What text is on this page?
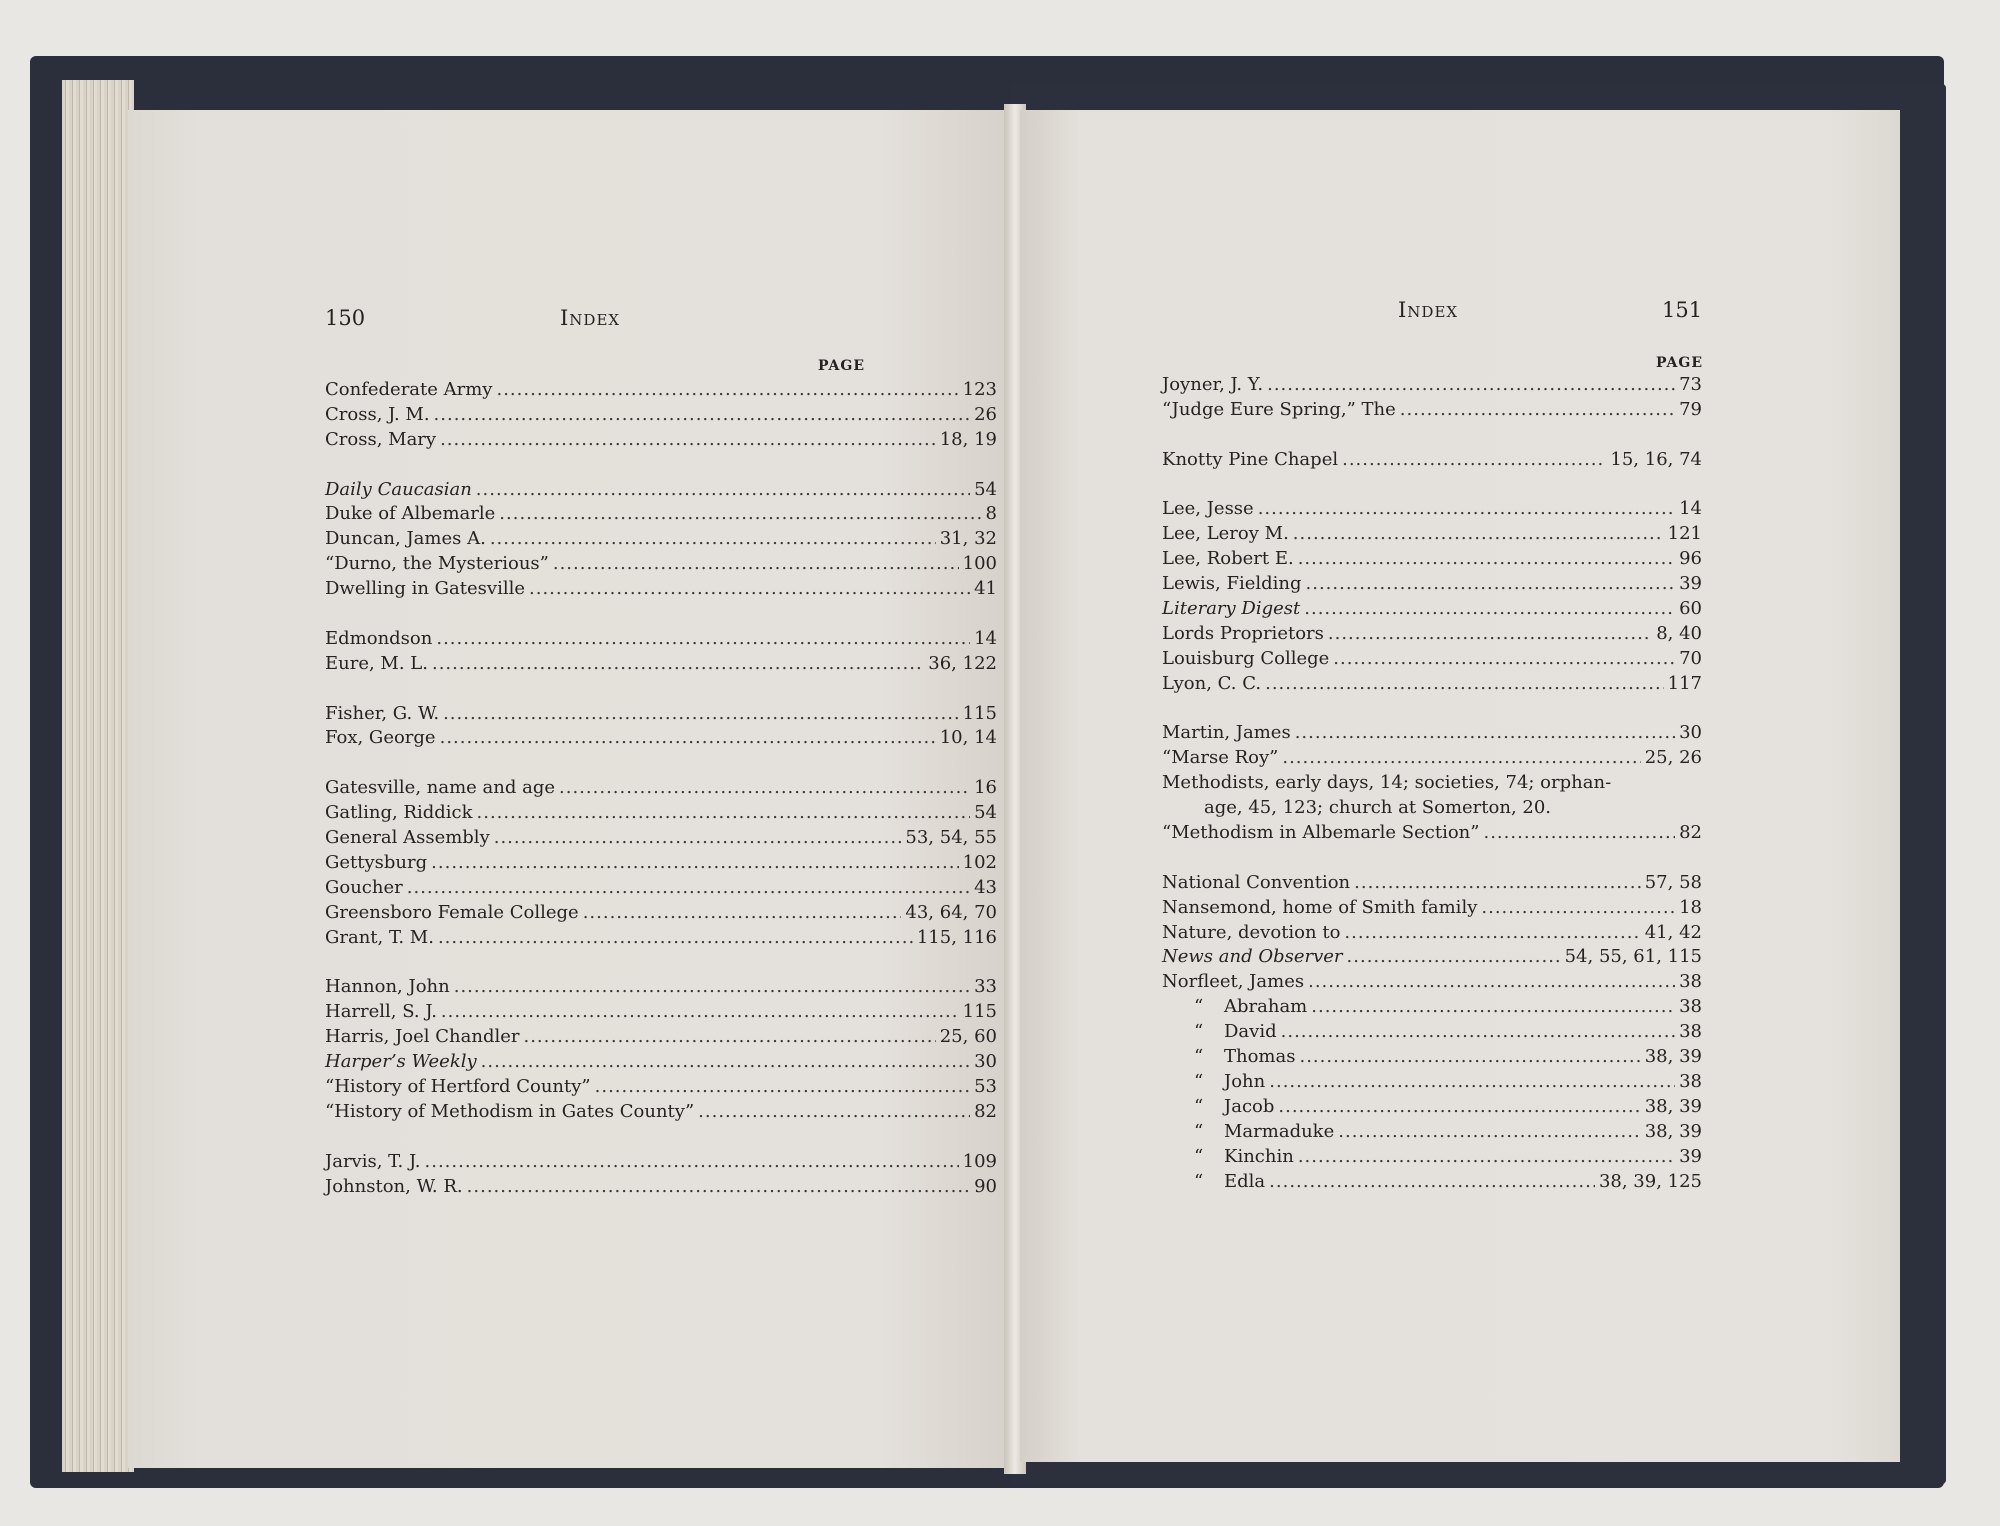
150	Index
PAGE
Confederate Army .....	123
Cross, J. M. .....	26
Cross, Mary .....	18, 19
Daily Caucasian .....	54
Duke of Albemarle .....	8
Duncan, James A. .....	31, 32
“Durno, the Mysterious” .....	100
Dwelling in Gatesville .....	41
Edmondson .....	14
Eure, M. L. .....	36, 122
Fisher, G. W. .....	115
Fox, George .....	10, 14
Gatesville, name and age .....	16
Gatling, Riddick .....	54
General Assembly .....	53, 54, 55
Gettysburg .....	102
Goucher .....	43
Greensboro Female College .....	43, 64, 70
Grant, T. M. .....	115, 116
Hannon, John .....	33
Harrell, S. J. .....	115
Harris, Joel Chandler .....	25, 60
Harper’s Weekly .....	30
“History of Hertford County” .....	53
“History of Methodism in Gates County” .....	82
Jarvis, T. J. .....	109
Johnston, W. R. .....	90
Index	151
PAGE
Joyner, J. Y. .....	73
“Judge Eure Spring,” The .....	79
Knotty Pine Chapel .....	15, 16, 74
Lee, Jesse .....	14
Lee, Leroy M. .....	121
Lee, Robert E. .....	96
Lewis, Fielding .....	39
Literary Digest .....	60
Lords Proprietors .....	8, 40
Louisburg College .....	70
Lyon, C. C. .....	117
Martin, James .....	30
“Marse Roy” .....	25, 26
Methodists, early days, 14; societies, 74; orphan-
age, 45, 123; church at Somerton, 20.
“Methodism in Albemarle Section” .....	82
National Convention .....	57, 58
Nansemond, home of Smith family .....	18
Nature, devotion to .....	41, 42
News and Observer .....	54, 55, 61, 115
Norfleet, James .....	38
“	Abraham .....	38
“	David .....	38
“	Thomas .....	38, 39
“	John .....	38
“	Jacob .....	38, 39
“	Marmaduke .....	38, 39
“	Kinchin .....	39
“	Edla .....	38, 39, 125
